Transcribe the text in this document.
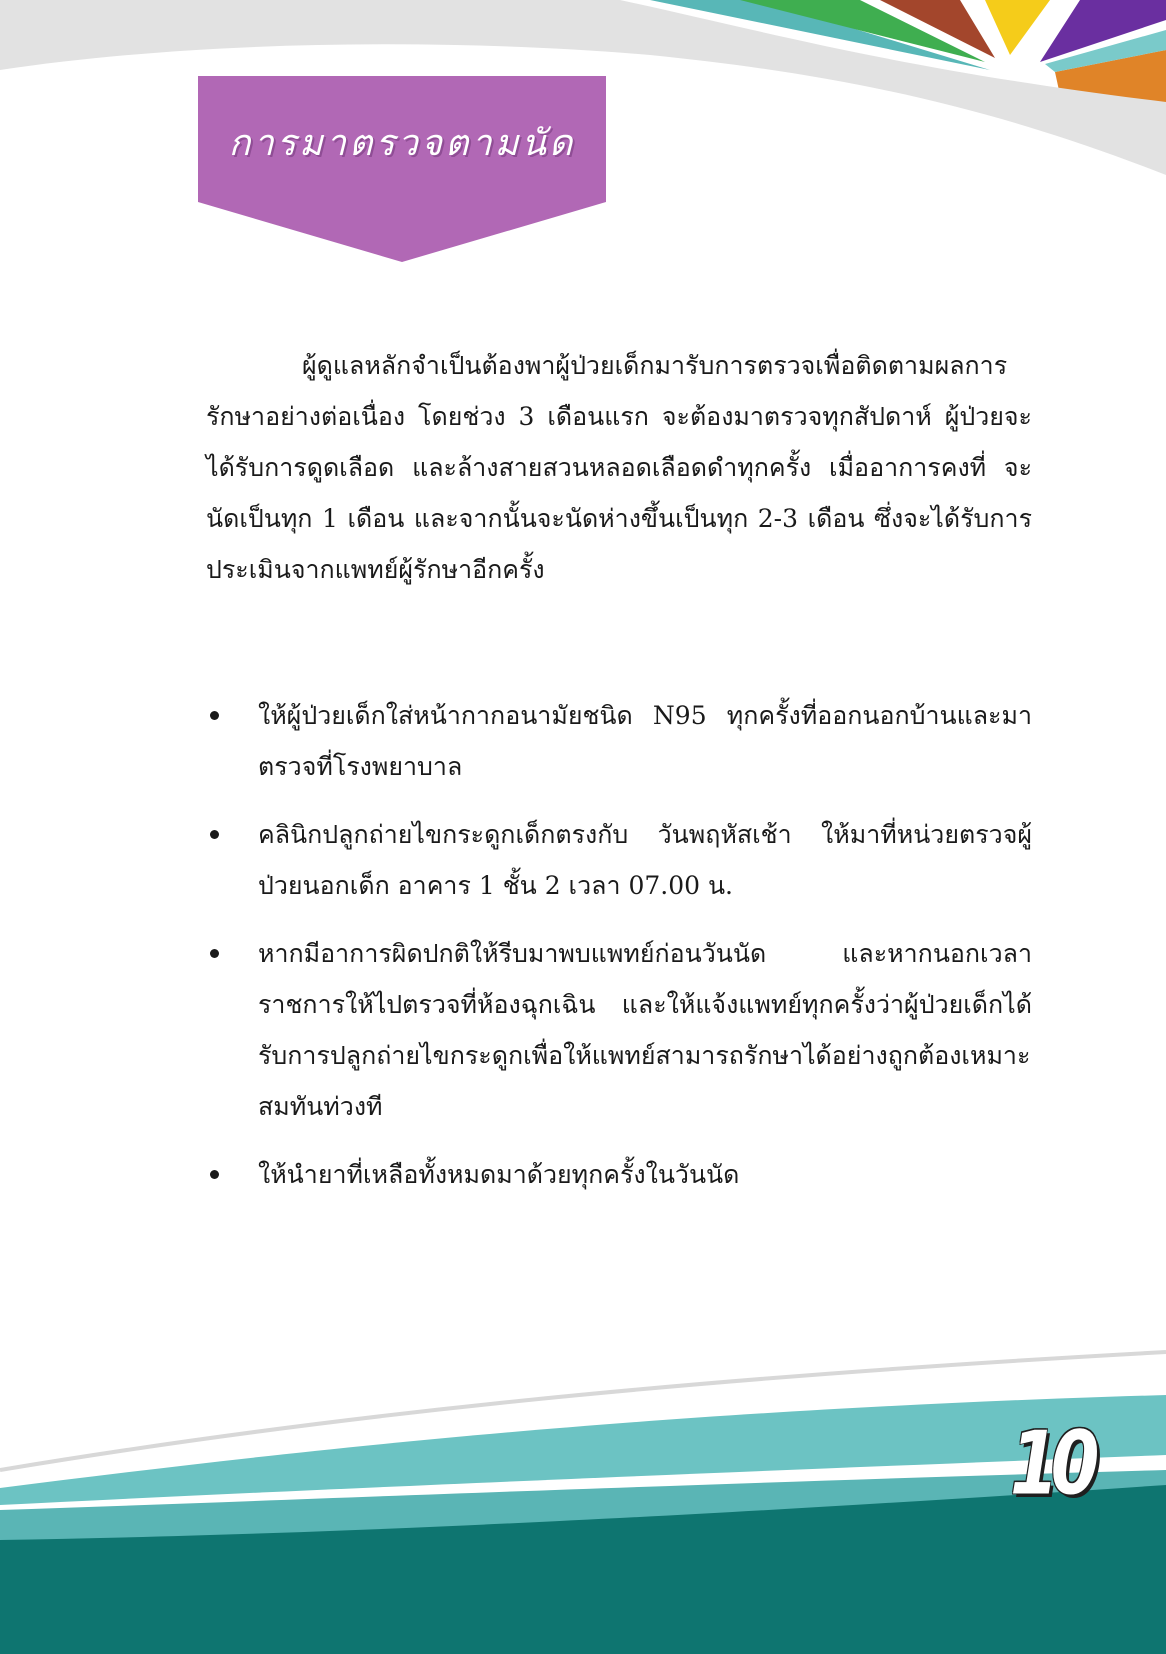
การมาตรวจตามนัด

ผู้ดูแลหลักจำเป็นต้องพาผู้ป่วยเด็กมารับการตรวจเพื่อติดตามผลการรักษาอย่างต่อเนื่อง โดยช่วง 3 เดือนแรก จะต้องมาตรวจทุกสัปดาห์ ผู้ป่วยจะได้รับการดูดเลือด และล้างสายสวนหลอดเลือดดำทุกครั้ง เมื่ออาการคงที่ จะนัดเป็นทุก 1 เดือน และจากนั้นจะนัดห่างขึ้นเป็นทุก 2-3 เดือน ซึ่งจะได้รับการประเมินจากแพทย์ผู้รักษาอีกครั้ง

ให้ผู้ป่วยเด็กใส่หน้ากากอนามัยชนิด N95 ทุกครั้งที่ออกนอกบ้านและมาตรวจที่โรงพยาบาล
คลินิกปลูกถ่ายไขกระดูกเด็กตรงกับ วันพฤหัสเช้า ให้มาที่หน่วยตรวจผู้ป่วยนอกเด็ก อาคาร 1 ชั้น 2 เวลา 07.00 น.
หากมีอาการผิดปกติให้รีบมาพบแพทย์ก่อนวันนัด และหากนอกเวลาราชการให้ไปตรวจที่ห้องฉุกเฉิน และให้แจ้งแพทย์ทุกครั้งว่าผู้ป่วยเด็กได้รับการปลูกถ่ายไขกระดูกเพื่อให้แพทย์สามารถรักษาได้อย่างถูกต้องเหมาะสมทันท่วงที
ให้นำยาที่เหลือทั้งหมดมาด้วยทุกครั้งในวันนัด
10
